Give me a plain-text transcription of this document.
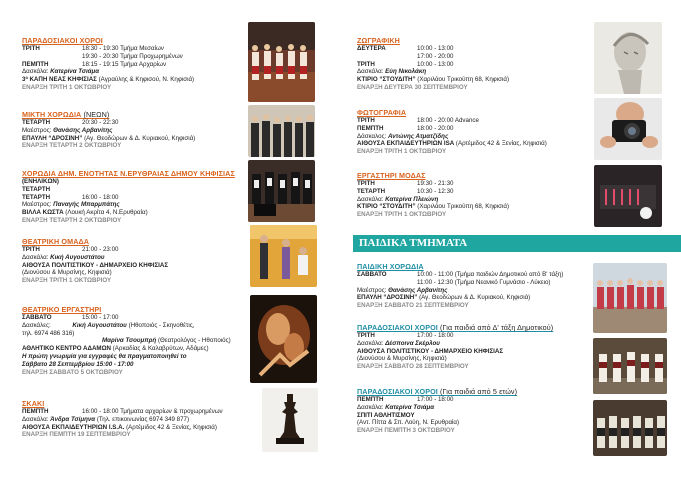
ΠΑΡΑΔΟΣΙΑΚΟΙ ΧΟΡΟΙ
ΤΡΙΤΗ	18:30 - 19:30 Τμήμα Μεσαίων
19:30 - 20:30 Τμήμα Προχωρημένων
ΠΕΜΠΤΗ	18:15 - 19:15 Τμήμα Αρχαρίων
Δασκάλα: Κατερίνα Τσιάμα
3ª ΚΑΠΗ ΝΕΑΣ ΚΗΦΙΣΙΑΣ (Αγραύλης & Κηφισού, Ν. Κηφισιά)
ΕΝΑΡΞΗ ΤΡΙΤΗ 1 ΟΚΤΩΒΡΙΟΥ
ΜΙΚΤΗ ΧΟΡΩΔΙΑ (ΝΕΩΝ)
ΤΕΤΑΡΤΗ	20:30 - 22:30
Μαέστρος: Θανάσης Αρβανίτης
ΕΠΑΥΛΗ “ΔΡΟΣΙΝΗ” (Αγ. Θεοδώρων & Δ. Κυριακού, Κηφισιά)
ΕΝΑΡΞΗ ΤΕΤΑΡΤΗ 2 ΟΚΤΩΒΡΙΟΥ
ΧΟΡΩΔΙΑ ΔΗΜ. ΕΝΟΤΗΤΑΣ Ν.ΕΡΥΘΡΑΙΑΣ ΔΗΜΟΥ ΚΗΦΙΣΙΑΣ
(ΕΝΗΛΙΚΩΝ)
ΤΕΤΑΡΤΗ
ΤΕΤΑΡΤΗ	16:00 - 18:00
Μαέστρος: Παναγής Μπαρμπάτης
ΒΙΛΛΑ ΚΩΣΤΑ (Λουκή Ακρίτα 4, Ν.Ερυθραία)
ΕΝΑΡΞΗ ΤΕΤΑΡΤΗ 2 ΟΚΤΩΒΡΙΟΥ
ΘΕΑΤΡΙΚΗ ΟΜΑΔΑ
ΤΡΙΤΗ	21:00 - 23:00
Δασκάλα: Κική Αυγουστάτου
ΑΙΘΟΥΣΑ ΠΟΛΙΤΙΣΤΙΚΟΥ - ΔΗΜΑΡΧΕΙΟ ΚΗΦΙΣΙΑΣ
(Διονύσου & Μυρσίνης, Κηφισιά)
ΕΝΑΡΞΗ ΤΡΙΤΗ 1 ΟΚΤΩΒΡΙΟΥ
ΘΕΑΤΡΙΚΟ ΕΡΓΑΣΤΗΡΙ
ΣΑΒΒΑΤΟ	15:00 - 17:00
Δασκάλες:	Κική Αυγουστάτου (Ηθοποιός - Σκηνοθέτις,
τηλ. 6974 486 316)
Μαρίνα Τσουμπρή (Θεατρολόγος - Ηθοποιός)
ΑΘΛΗΤΙΚΟ ΚΕΝΤΡΟ ΑΔΑΜΩΝ (Αρκαδίας & Καλαβρύτων, Αδάμες)
Η πρώτη γνωριμία για εγγραφές θα πραγματοποιηθεί το
Σάββατο 28 Σεπτεμβρίου 15:00 - 17:00
ΕΝΑΡΞΗ ΣΑΒΒΑΤΟ 5 ΟΚΤΩΒΡΙΟΥ
ΣΚΑΚΙ
ΠΕΜΠΤΗ	16:00 - 18:00 Τμήματα αρχαρίων & προχωρημένων
Δασκάλα: Άνδρα Τσίμηνα (Τηλ. επικοινωνίας 6974 349 877)
ΑΙΘΟΥΣΑ ΕΚΠΑΙΔΕΥΤΗΡΙΩΝ I.S.A. (Αρτέμιδος 42 & Ξενίας, Κηφισιά)
ΕΝΑΡΞΗ ΠΕΜΠΤΗ 19 ΣΕΠΤΕΜΒΡΙΟΥ
ΖΩΓΡΑΦΙΚΗ
ΔΕΥΤΕΡΑ	10:00 - 13:00
17:00 - 20:00
ΤΡΙΤΗ	10:00 - 13:00
Δασκάλα: Εύη Νικολάκη
ΚΤΙΡΙΟ “ΣΤΟΥΔΙΤΗ” (Χαριλάου Τρικούπη 68, Κηφισιά)
ΕΝΑΡΞΗ ΔΕΥΤΕΡΑ 30 ΣΕΠΤΕΜΒΡΙΟΥ
ΦΩΤΟΓΡΑΦΙΑ
ΤΡΙΤΗ	18:00 - 20:00 Advance
ΠΕΜΠΤΗ	18:00 - 20:00
Δάσκαλος: Αντώνης Ατματζίδης
ΑΙΘΟΥΣΑ ΕΚΠΑΙΔΕΥΤΗΡΙΩΝ ISA (Αρτέμιδος 42 & Ξενίας, Κηφισιά)
ΕΝΑΡΞΗ ΤΡΙΤΗ 1 ΟΚΤΩΒΡΙΟΥ
ΕΡΓΑΣΤΗΡΙ ΜΟΔΑΣ
ΤΡΙΤΗ	19:30 - 21:30
ΤΕΤΑΡΤΗ	10:30 - 12:30
Δασκάλα: Κατερίνα Πλειώνη
ΚΤΙΡΙΟ “ΣΤΟΥΔΙΤΗ” (Χαριλάου Τρικούπη 68, Κηφισιά)
ΕΝΑΡΞΗ ΤΡΙΤΗ 1 ΟΚΤΩΒΡΙΟΥ
ΠΑΙΔΙΚΑ ΤΜΗΜΑΤΑ
ΠΑΙΔΙΚΗ ΧΟΡΩΔΙΑ
ΣΑΒΒΑΤΟ	10:00 - 11:00 (Τμήμα παιδιών Δημοτικού από Β' τάξη)
11:00 - 12:30 (Τμήμα Νεανικό Γυμνάσιο - Λύκειο)
Μαέστρος: Θανάσης Αρβανίτης
ΕΠΑΥΛΗ “ΔΡΟΣΙΝΗ” (Αγ. Θεοδώρων & Δ. Κυριακού, Κηφισιά)
ΕΝΑΡΞΗ ΣΑΒΒΑΤΟ 21 ΣΕΠΤΕΜΒΡΙΟΥ
ΠΑΡΑΔΟΣΙΑΚΟΙ ΧΟΡΟΙ (Για παιδιά από Δ' τάξη Δημοτικού)
ΤΡΙΤΗ	17:00 - 18:00
Δασκάλα: Δέσποινα Σκέρλου
ΑΙΘΟΥΣΑ ΠΟΛΙΤΙΣΤΙΚΟΥ - ΔΗΜΑΡΧΕΙΟ ΚΗΦΙΣΙΑΣ
(Διονύσου & Μυρσίνης, Κηφισιά)
ΕΝΑΡΞΗ ΣΑΒΒΑΤΟ 28 ΣΕΠΤΕΜΒΡΙΟΥ
ΠΑΡΑΔΟΣΙΑΚΟΙ ΧΟΡΟΙ (Για παιδιά από 5 ετών)
ΠΕΜΠΤΗ	17:00 - 18:00
Δασκάλα: Κατερίνα Τσιάμα
ΣΠΙΤΙ ΑΘΛΗΤΙΣΜΟΥ
(Αντ. Πίττα & Σπ. Λούη, Ν. Ερυθραία)
ΕΝΑΡΞΗ ΠΕΜΠΤΗ 3 ΟΚΤΩΒΡΙΟΥ
